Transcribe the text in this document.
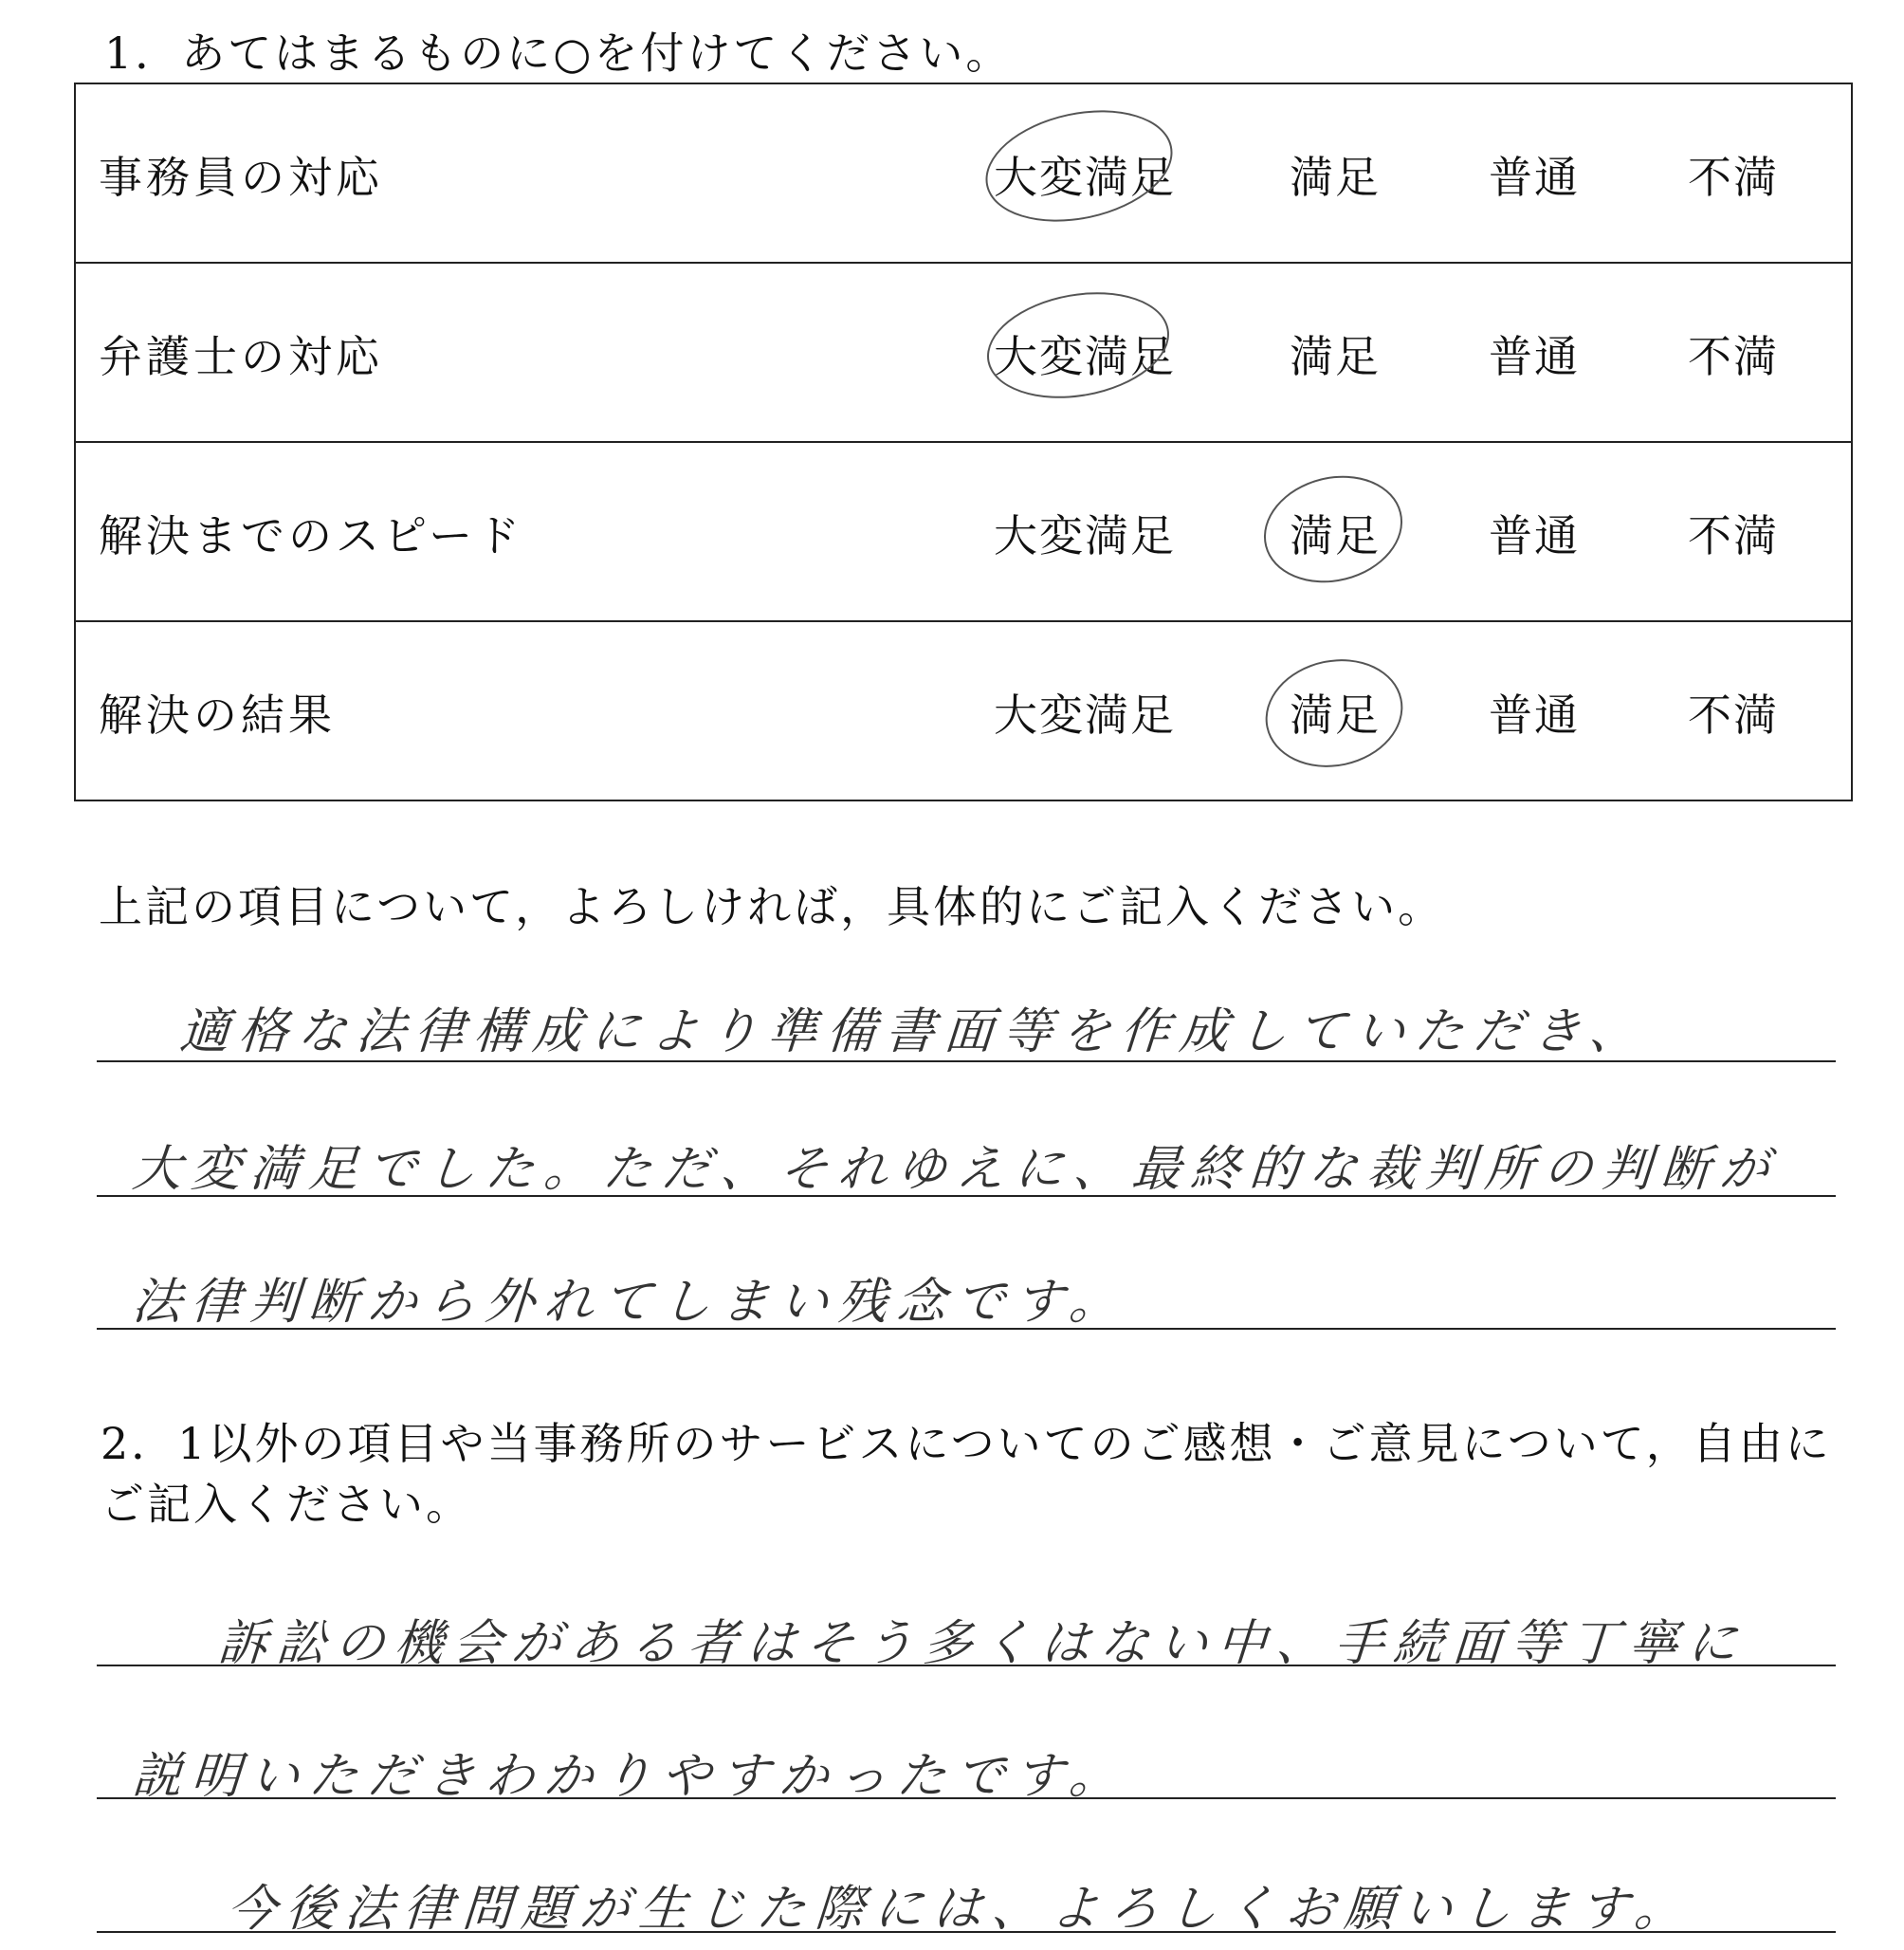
1．あてはまるものに○を付けてください。
事務員の対応	大変満足	満足 普通 不満

弁護士の対応	大変満足	満足 普通 不満

解決までのスピード	大変満足	満足 普通 不満

解決の結果	大変満足	満足 普通 不満
上記の項目について，よろしければ，具体的にご記入ください。
適格な法律構成により準備書面等を作成していただき、
大変満足でした。ただ、それゆえに、最終的な裁判所の判断が
法律判断から外れてしまい残念です。
2．1以外の項目や当事務所のサービスについてのご感想・ご意見について，自由にご記入ください。
訴訟の機会がある者はそう多くはない中、手続面等丁寧に
説明いただきわかりやすかったです。
今後法律問題が生じた際には、よろしくお願いします。
